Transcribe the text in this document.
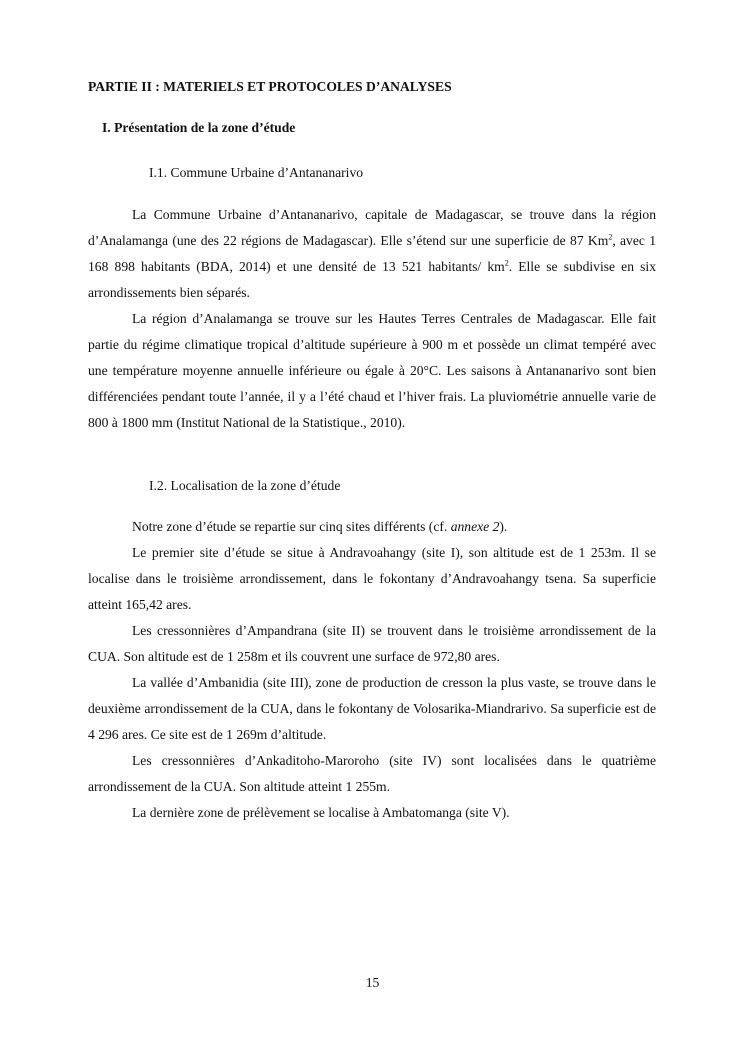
PARTIE II : MATERIELS ET PROTOCOLES D’ANALYSES
I. Présentation de la zone d’étude
I.1. Commune Urbaine d’Antananarivo

La Commune Urbaine d’Antananarivo, capitale de Madagascar, se trouve dans la région d’Analamanga (une des 22 régions de Madagascar). Elle s’étend sur une superficie de 87 Km$^2$, avec 1 168 898 habitants (BDA, 2014) et une densité de 13 521 habitants/ $km^2$. Elle se subdivise en six arrondissements bien séparés.

La région d’Analamanga se trouve sur les Hautes Terres Centrales de Madagascar. Elle fait partie du régime climatique tropical d’altitude supérieure à 900 m et possède un climat tempéré avec une température moyenne annuelle inférieure ou égale à 20°C. Les saisons à Antananarivo sont bien différenciées pendant toute l’année, il y a l’été chaud et l’hiver frais. La pluviométrie annuelle varie de 800 à 1800 mm (Institut National de la Statistique., 2010).

I.2. Localisation de la zone d’étude

Notre zone d’étude se repartie sur cinq sites différents (cf. annexe 2).

Le premier site d’étude se situe à Andravoahangy (site I), son altitude est de 1 253m. Il se localise dans le troisième arrondissement, dans le fokontany d’Andravoahangy tsena. Sa superficie atteint 165,42 ares.

Les cressonnières d’Ampandrana (site II) se trouvent dans le troisième arrondissement de la CUA. Son altitude est de 1 258m et ils couvrent une surface de 972,80 ares.

La vallée d’Ambanidia (site III), zone de production de cresson la plus vaste, se trouve dans le deuxième arrondissement de la CUA, dans le fokontany de Volosarika-Miandrarivo. Sa superficie est de 4 296 ares. Ce site est de 1 269m d’altitude.

Les cressonnières d’Ankaditoho-Maroroho (site IV) sont localisées dans le quatrième arrondissement de la CUA. Son altitude atteint 1 255m.

La dernière zone de prélèvement se localise à Ambatomanga (site V).

15
